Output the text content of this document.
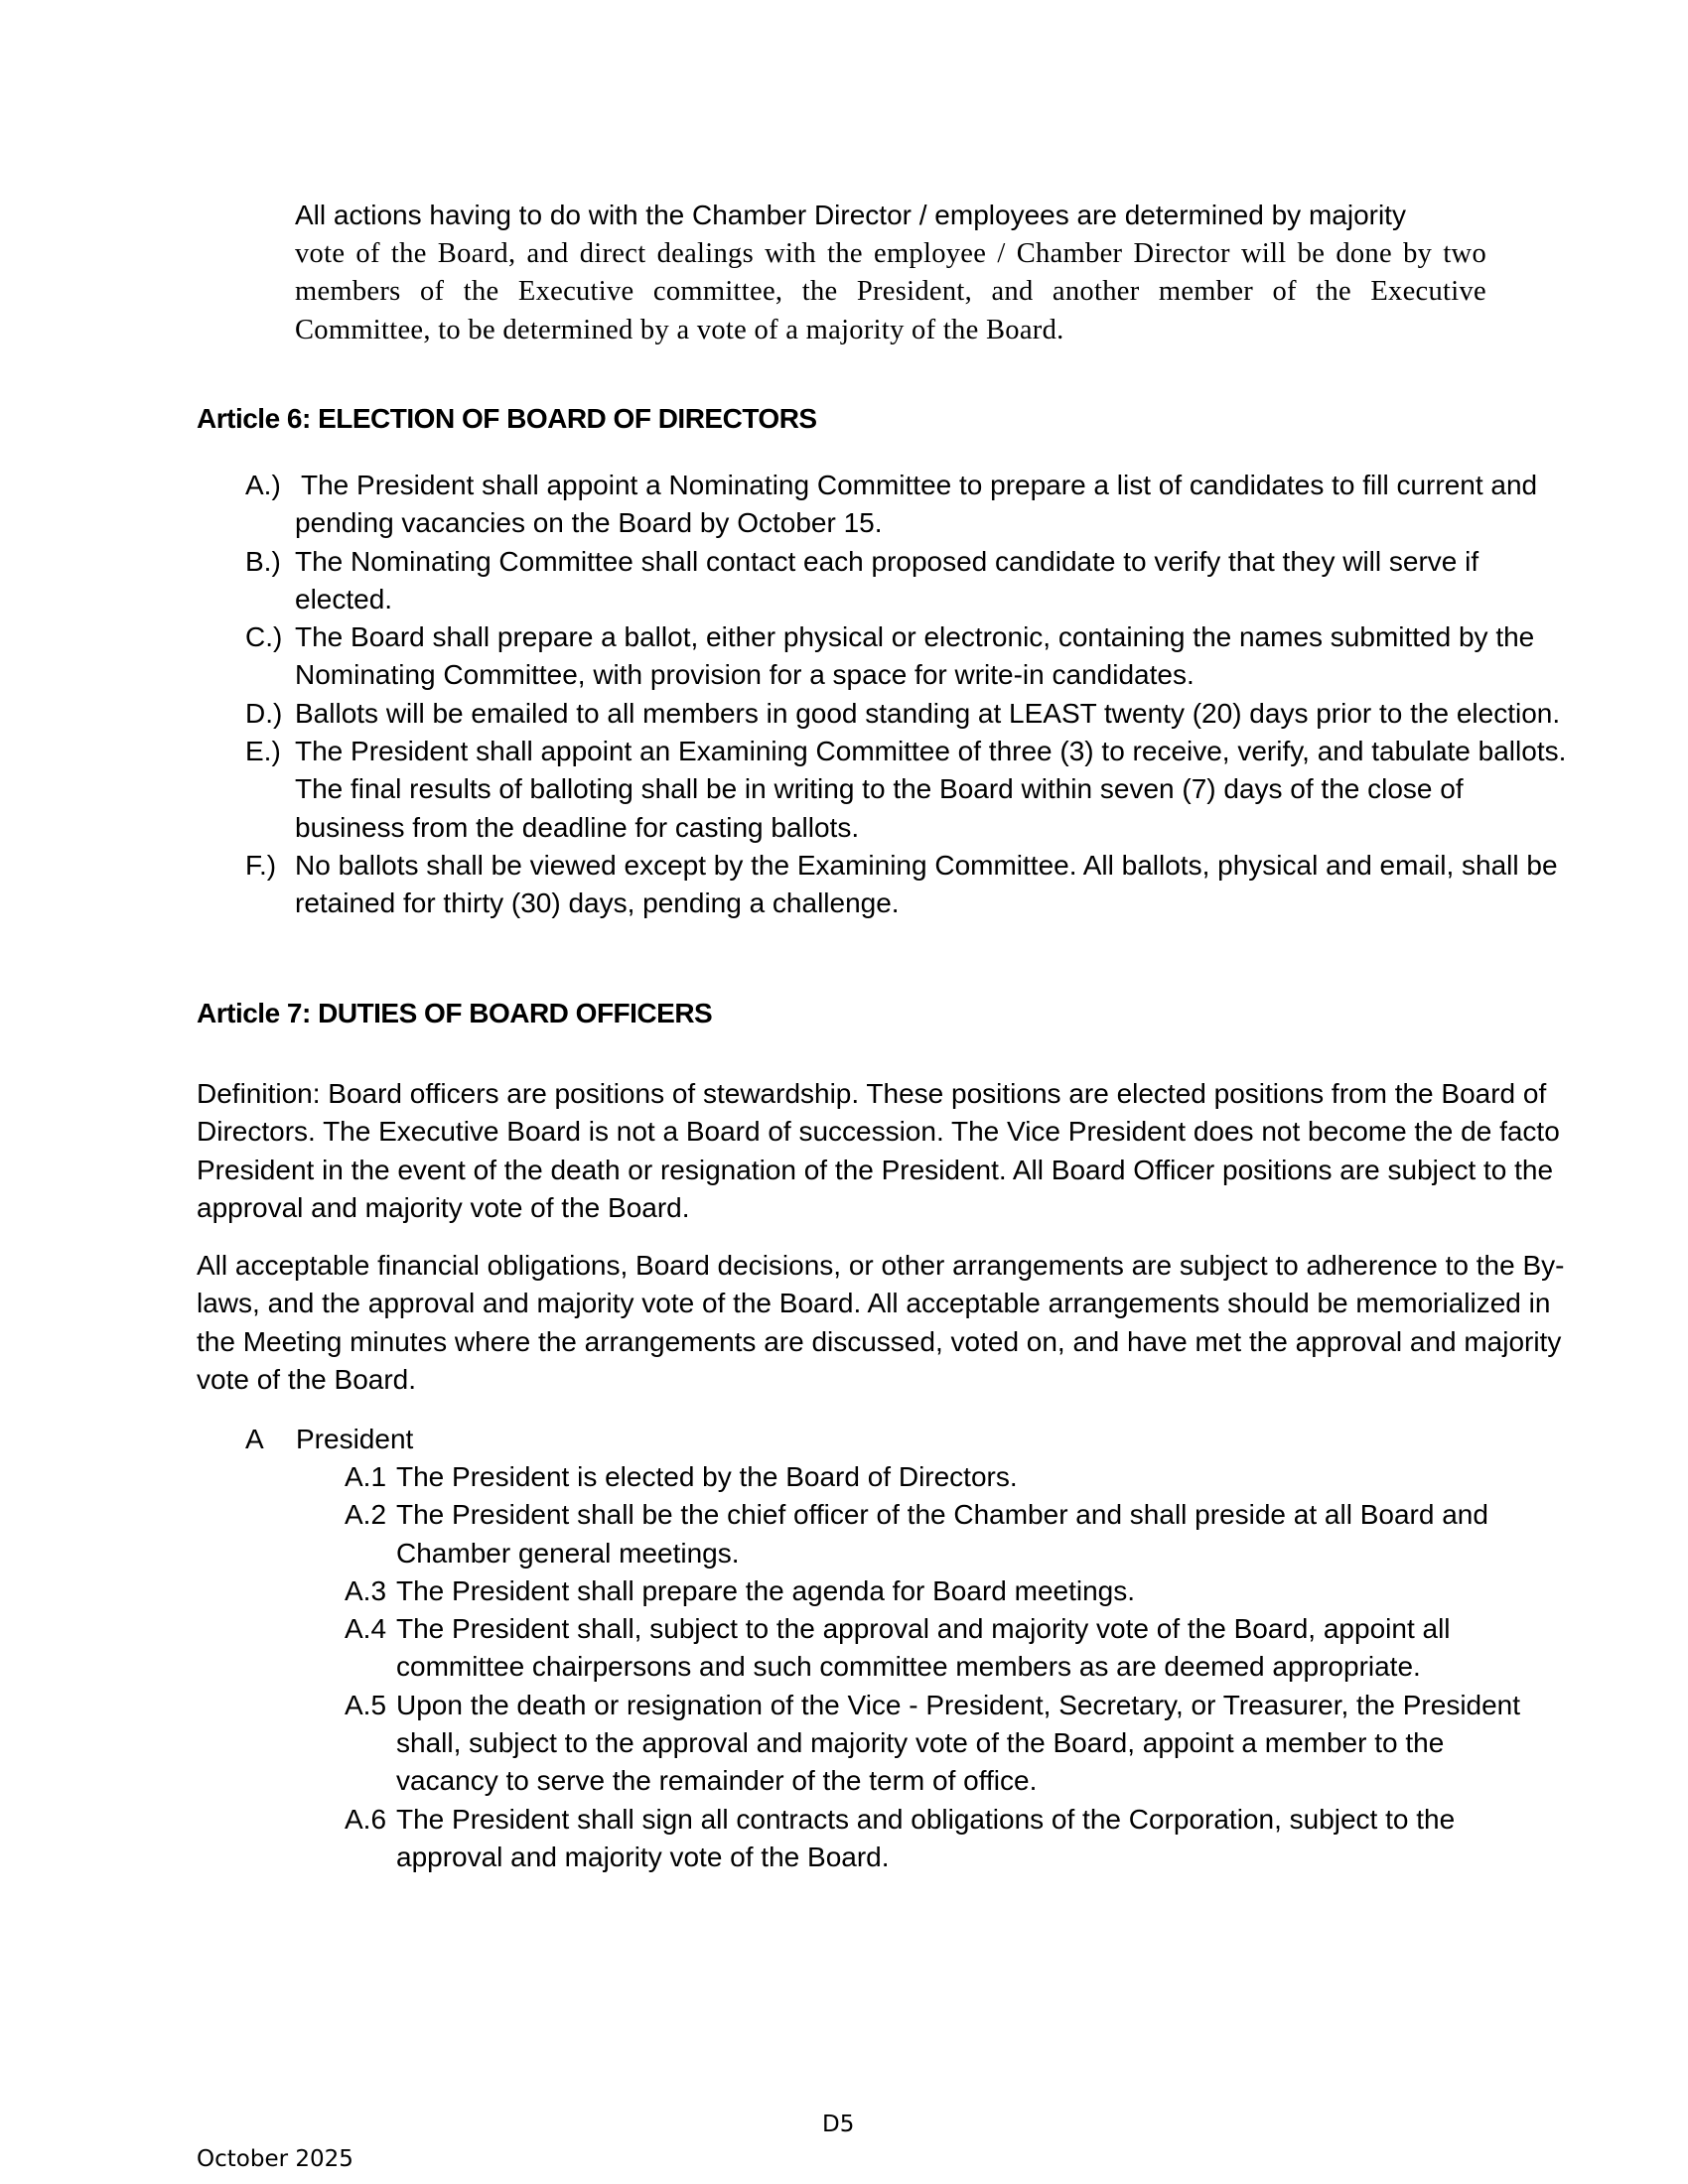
All actions having to do with the Chamber Director / employees are determined by majority
vote of the Board, and direct dealings with the employee / Chamber Director will be done by two members of the Executive committee, the President, and another member of the Executive Committee, to be determined by a vote of a majority of the Board.
Article 6: ELECTION OF BOARD OF DIRECTORS
A.) The President shall appoint a Nominating Committee to prepare a list of candidates to fill current and pending vacancies on the Board by October 15.
B.) The Nominating Committee shall contact each proposed candidate to verify that they will serve if elected.
C.) The Board shall prepare a ballot, either physical or electronic, containing the names submitted by the Nominating Committee, with provision for a space for write-in candidates.
D.) Ballots will be emailed to all members in good standing at LEAST twenty (20) days prior to the election.
E.) The President shall appoint an Examining Committee of three (3) to receive, verify, and tabulate ballots. The final results of balloting shall be in writing to the Board within seven (7) days of the close of business from the deadline for casting ballots.
F.) No ballots shall be viewed except by the Examining Committee. All ballots, physical and email, shall be retained for thirty (30) days, pending a challenge.
Article 7: DUTIES OF BOARD OFFICERS
Definition: Board officers are positions of stewardship. These positions are elected positions from the Board of Directors. The Executive Board is not a Board of succession. The Vice President does not become the de facto President in the event of the death or resignation of the President. All Board Officer positions are subject to the approval and majority vote of the Board.
All acceptable financial obligations, Board decisions, or other arrangements are subject to adherence to the By-laws, and the approval and majority vote of the Board. All acceptable arrangements should be memorialized in the Meeting minutes where the arrangements are discussed, voted on, and have met the approval and majority vote of the Board.
A President
A.1 The President is elected by the Board of Directors.
A.2 The President shall be the chief officer of the Chamber and shall preside at all Board and Chamber general meetings.
A.3 The President shall prepare the agenda for Board meetings.
A.4 The President shall, subject to the approval and majority vote of the Board, appoint all committee chairpersons and such committee members as are deemed appropriate.
A.5 Upon the death or resignation of the Vice - President, Secretary, or Treasurer, the President shall, subject to the approval and majority vote of the Board, appoint a member to the vacancy to serve the remainder of the term of office.
A.6 The President shall sign all contracts and obligations of the Corporation, subject to the approval and majority vote of the Board.
D5
October 2025
